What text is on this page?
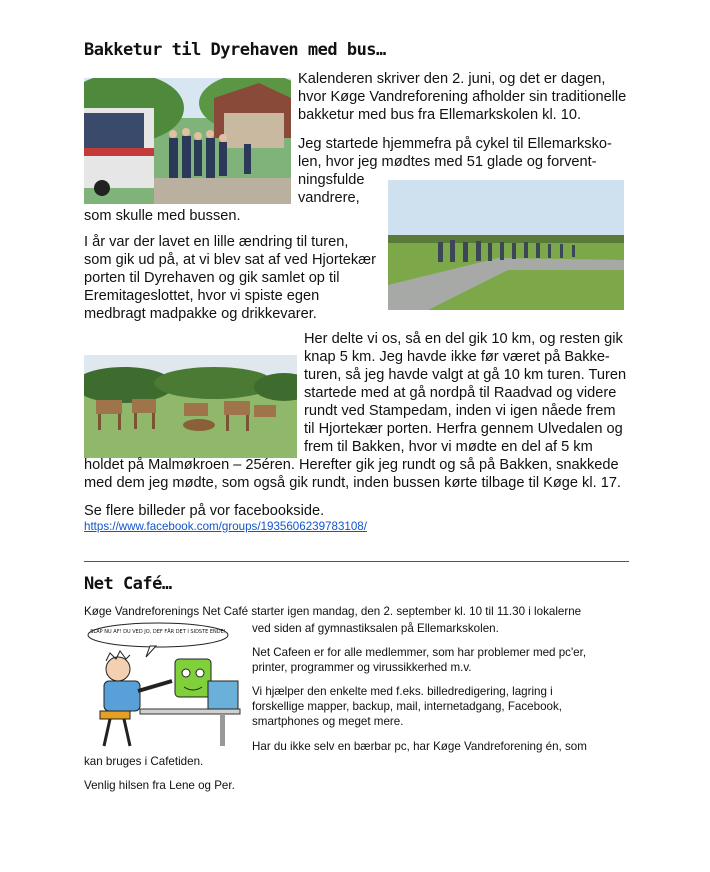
Bakketur til Dyrehaven med bus…
Kalenderen skriver den 2. juni, og det er dagen,
hvor Køge Vandreforening afholder sin traditionelle
bakketur med bus fra Ellemarkskolen kl. 10.
Jeg startede hjemmefra på cykel til Ellemarksko-
len, hvor jeg mødtes med 51 glade og forvent-
ningsfulde
vandrere,
som skulle med bussen.
I år var der lavet en lille ændring til turen,
som gik ud på, at vi blev sat af ved Hjortekær
porten til Dyrehaven og gik samlet op til
Eremitageslottet, hvor vi spiste egen
medbragt madpakke og drikkevarer.
Her delte vi os, så en del gik 10 km, og resten gik
knap 5 km. Jeg havde ikke før været på Bakke-
turen, så jeg havde valgt at gå 10 km turen. Turen
startede med at gå nordpå til Raadvad og videre
rundt ved Stampedam, inden vi igen nåede frem
til Hjortekær porten. Herfra gennem Ulvedalen og
frem til Bakken, hvor vi mødte en del af 5 km
holdet på Malmøkroen – 25éren. Herefter gik jeg rundt og så på Bakken, snakkede
med dem jeg mødte, som også gik rundt, inden bussen kørte tilbage til Køge kl. 17.
Se flere billeder på vor facebookside.
https://www.facebook.com/groups/1935606239783108/
Net Café…
Køge Vandreforenings Net Café starter igen mandag, den 2. september kl. 10 til 11.30 i lokalerne
SLAP NU AF! DU VED JO, DEF FÅR DET I SIDSTE ENDE! ved siden af gymnastiksalen på Ellemarkskolen.
Net Cafeen er for alle medlemmer, som har problemer med pc'er,
printer, programmer og virussikkerhed m.v.
Vi hjælper den enkelte med f.eks. billedredigering, lagring i
forskellige mapper, backup, mail, internetadgang, Facebook,
smartphones og meget mere.
Har du ikke selv en bærbar pc, har Køge Vandreforening én, som
kan bruges i Cafetiden.
Venlig hilsen fra Lene og Per.
